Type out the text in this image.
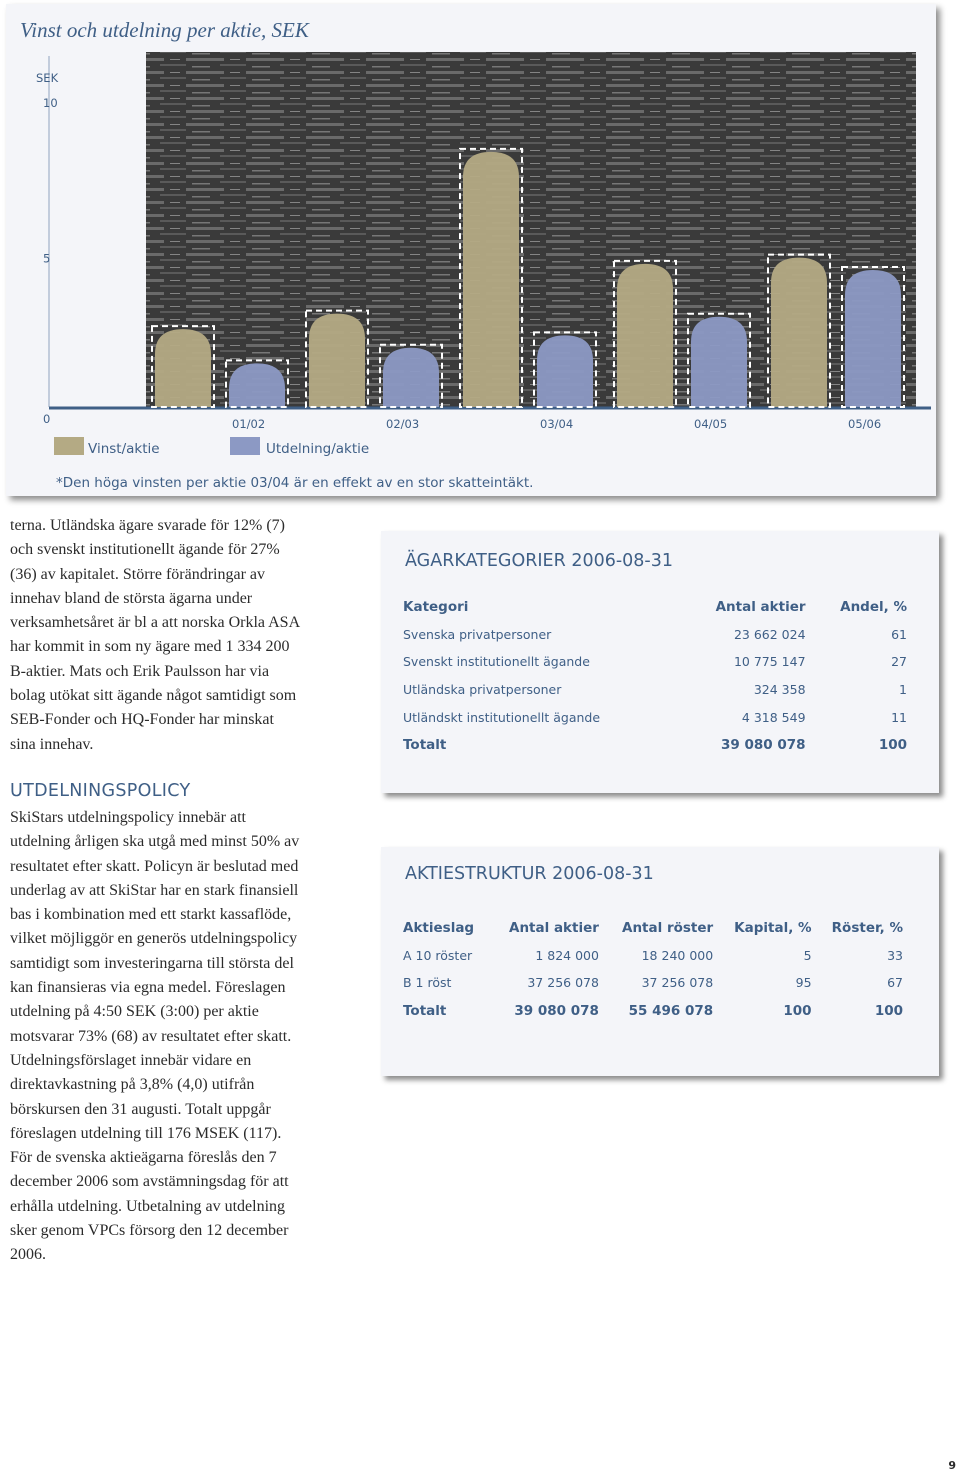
Vinst och utdelning per aktie, SEK
SEK
0
5
10
01/02	02/03	03/04	04/05	05/06
Vinst/aktie	Utdelning/aktie
*Den höga vinsten per aktie 03/04 är en effekt av en stor skatteintäkt.

terna. Utländska ägare svarade för 12% (7) och svenskt institutionellt ägande för 27% (36) av kapitalet. Större förändringar av innehav bland de största ägarna under verksamhetsåret är bl a att norska Orkla ASA har kommit in som ny ägare med 1 334 200 B-aktier. Mats och Erik Paulsson har via bolag utökat sitt ägande något samtidigt som SEB-Fonder och HQ-Fonder har minskat sina innehav.

UTDELNINGSPOLICY

SkiStars utdelningspolicy innebär att utdelning årligen ska utgå med minst 50% av resultatet efter skatt. Policyn är beslutad med underlag av att SkiStar har en stark finansiell bas i kombination med ett starkt kassaflöde, vilket möjliggör en generös utdelningspolicy samtidigt som investeringarna till största del kan finansieras via egna medel. Föreslagen utdelning på 4:50 SEK (3:00) per aktie motsvarar 73% (68) av resultatet efter skatt. Utdelningsförslaget innebär vidare en direktavkastning på 3,8% (4,0) utifrån börskursen den 31 augusti. Totalt uppgår föreslagen utdelning till 176 MSEK (117). För de svenska aktieägarna föreslås den 7 december 2006 som avstämningsdag för att erhålla utdelning. Utbetalning av utdelning sker genom VPCs försorg den 12 december 2006.

ÄGARKATEGORIER 2006-08-31
Kategori	Antal aktier	Andel, %
Svenska privatpersoner	23 662 024	61
Svenskt institutionellt ägande	10 775 147	27
Utländska privatpersoner	324 358	1
Utländskt institutionellt ägande	4 318 549	11
Totalt	39 080 078	100
AKTIESTRUKTUR 2006-08-31
Aktieslag	Antal aktier	Antal röster	Kapital, %	Röster, %
A 10 röster	1 824 000	18 240 000	5	33
B 1 röst	37 256 078	37 256 078	95	67
Totalt	39 080 078	55 496 078	100	100
9
